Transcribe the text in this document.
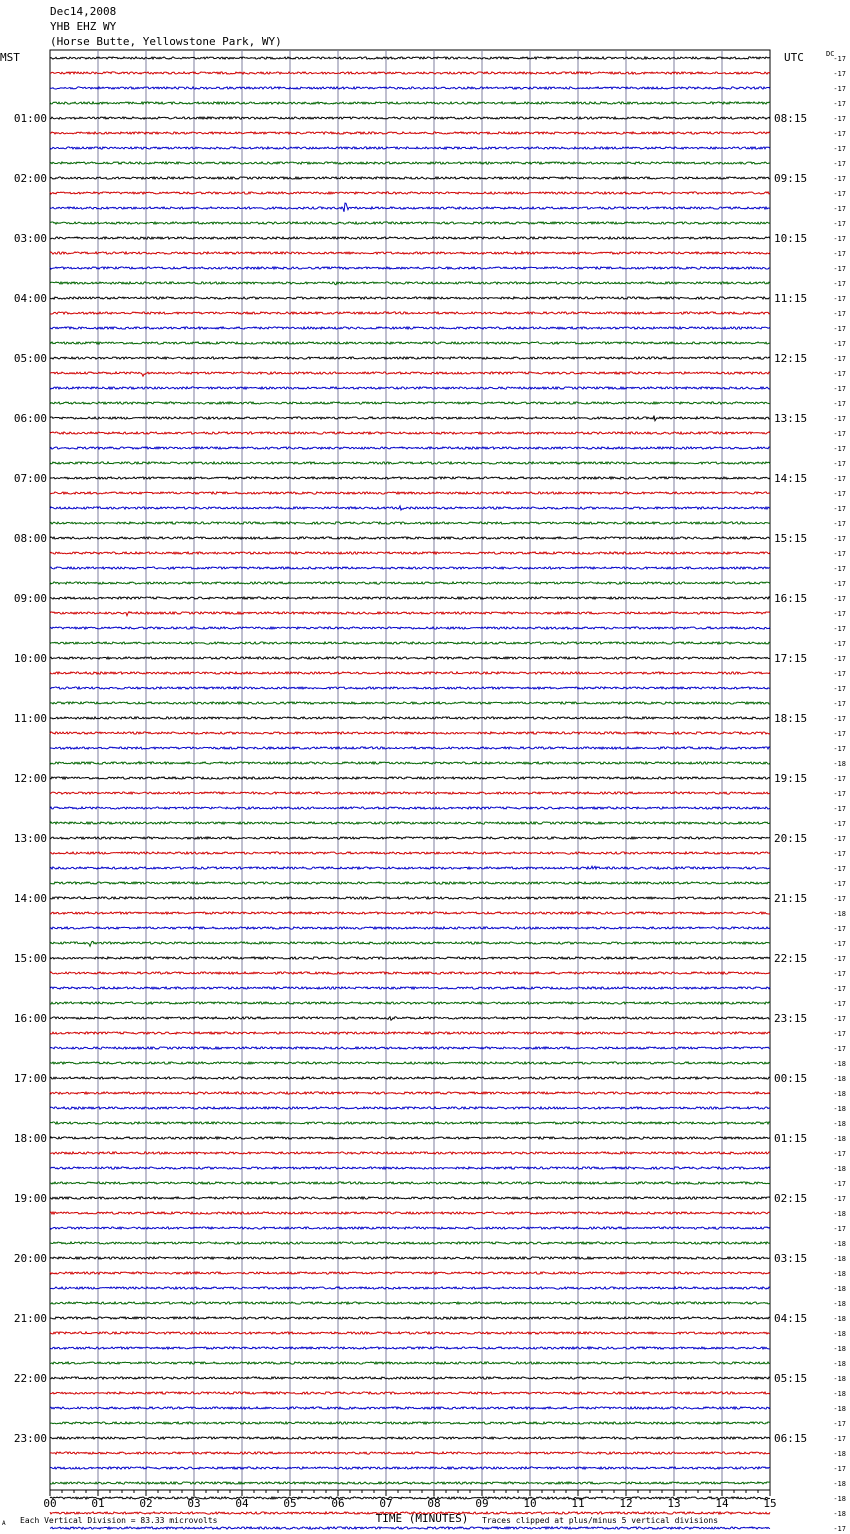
Dec14,2008
YHB EHZ WY
(Horse Butte, Yellowstone Park, WY)
-17
-17
-17
-17
-17
-17
-17
-17
-17
-17
-17
-17
-17
-17
-17
-17
-17
-17
-17
-17
-17
-17
-17
-17
-17
-17
-17
-17
-17
-17
-17
-17
-17
-17
-17
-17
-17
-17
-17
-17
-17
-17
-17
-17
-17
-17
-17
-18
-17
-17
-17
-17
-17
-17
-17
-17
-17
-18
-17
-17
-17
-17
-17
-17
-17
-17
-17
-18
-18
-18
-18
-18
-18
-17
-18
-17
-17
-18
-17
-18
-18
-18
-18
-18
-18
-18
-18
-18
-18
-18
-18
-17
-17
-18
-17
-18
-18
-18
-17
DC
MST	UTC
01:00
02:00
03:00
04:00
05:00
06:00
07:00
08:00
09:00
10:00
11:00
12:00
13:00
14:00
15:00
16:00
17:00
18:00
19:00
20:00
21:00
22:00
23:00
08:15
09:15
10:15
11:15
12:15
13:15
14:15
15:15
16:15
17:15
18:15
19:15
20:15
21:15
22:15
23:15
00:15
01:15
02:15
03:15
04:15
05:15
06:15
00	01	02	03	04	05	06	07	08	09	10	11	12	13	14	15
A Each Vertical Division = 83.33 microvolts	TIME (MINUTES) Traces clipped at plus/minus 5 vertical divisions
